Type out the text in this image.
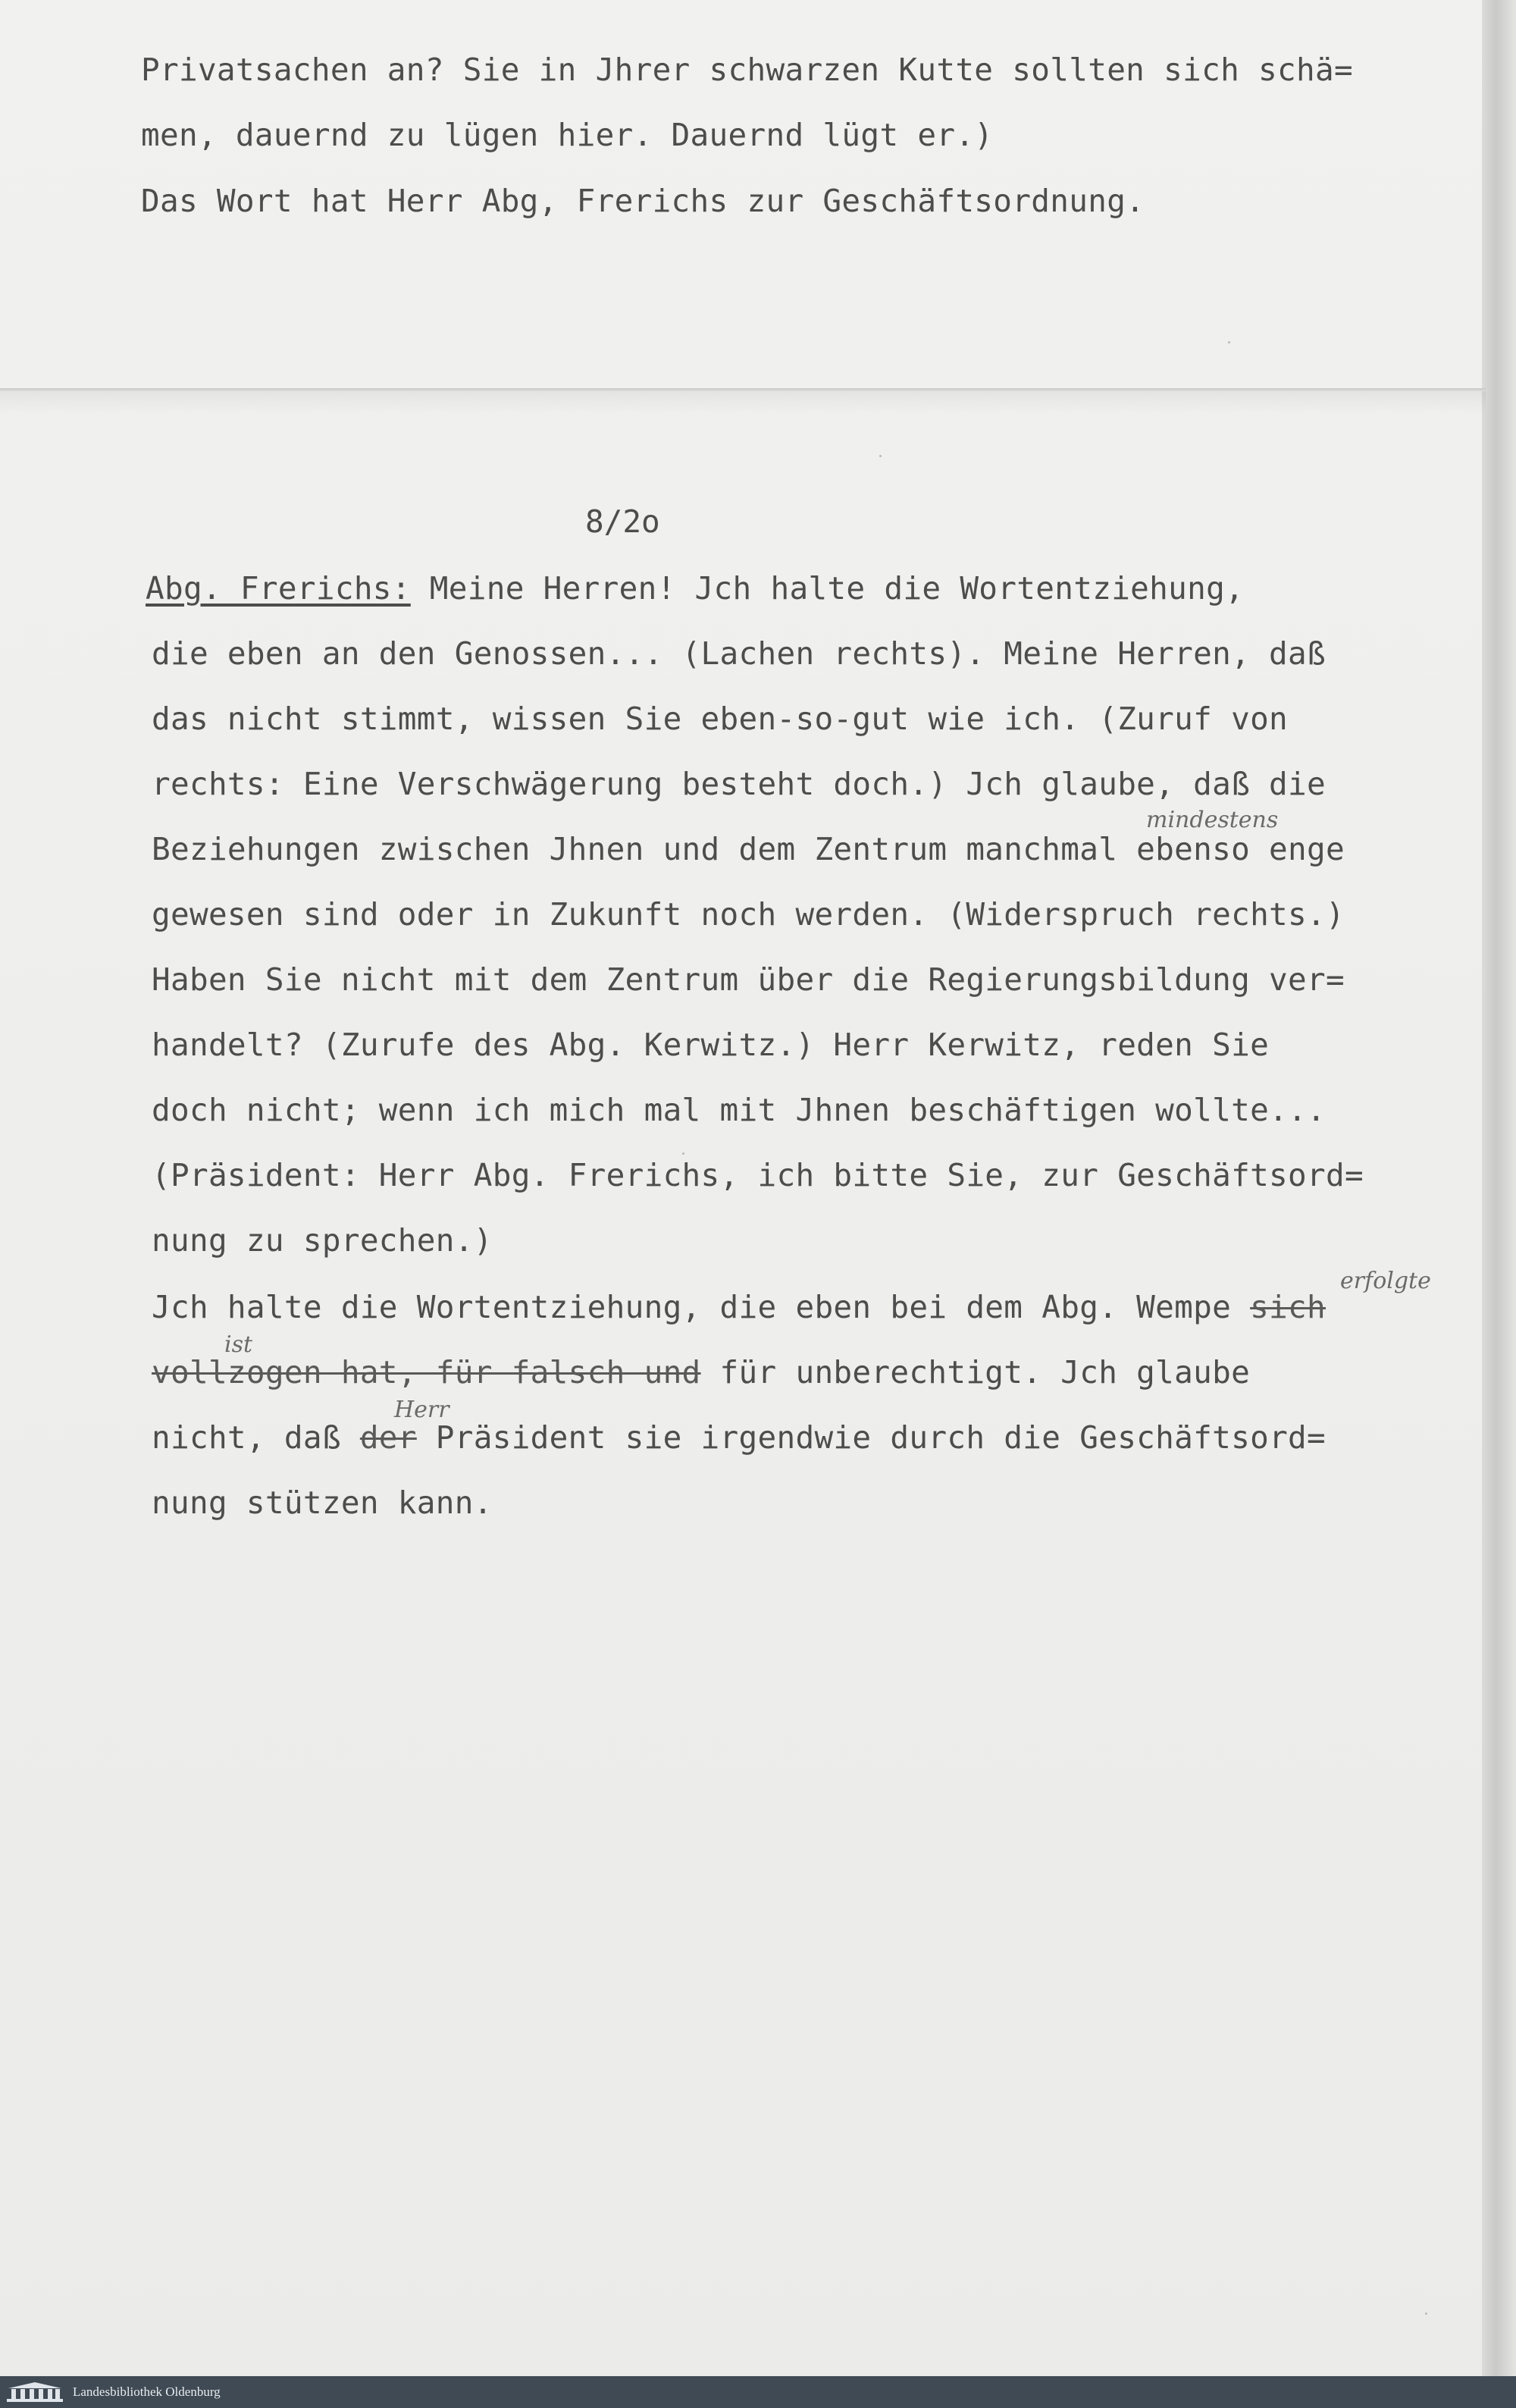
Privatsachen an? Sie in Jhrer schwarzen Kutte sollten sich schä=
men, dauernd zu lügen hier. Dauernd lügt er.)
Das Wort hat Herr Abg, Frerichs zur Geschäftsordnung.
8/2o
Abg. Frerichs: Meine Herren! Jch halte die Wortentziehung,
die eben an den Genossen... (Lachen rechts). Meine Herren, daß
das nicht stimmt, wissen Sie eben-so-gut wie ich. (Zuruf von
rechts: Eine Verschwägerung besteht doch.) Jch glaube, daß die
Beziehungen zwischen Jhnen und dem Zentrum manchmal ebenso enge
mindestens
gewesen sind oder in Zukunft noch werden. (Widerspruch rechts.)
Haben Sie nicht mit dem Zentrum über die Regierungsbildung ver=
handelt? (Zurufe des Abg. Kerwitz.) Herr Kerwitz, reden Sie
doch nicht; wenn ich mich mal mit Jhnen beschäftigen wollte...
(Präsident: Herr Abg. Frerichs, ich bitte Sie, zur Geschäftsord=
nung zu sprechen.)
erfolgte
Jch halte die Wortentziehung, die eben bei dem Abg. Wempe sich
ist
vollzogen hat, für falsch und für unberechtigt. Jch glaube
Herr
nicht, daß der Präsident sie irgendwie durch die Geschäftsord=
nung stützen kann.
Landesbibliothek Oldenburg
